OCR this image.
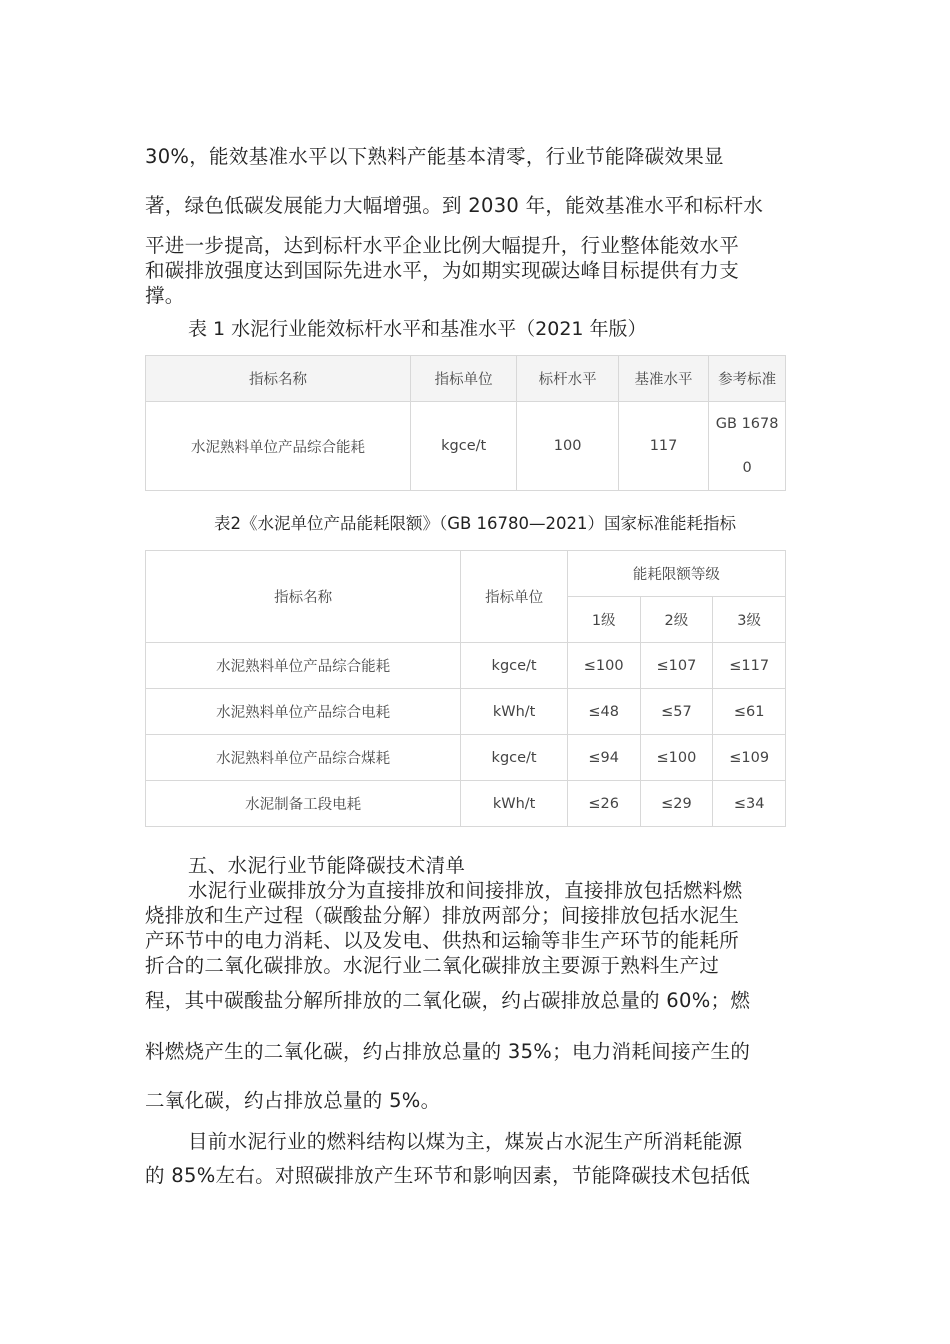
30%，能效基准水平以下熟料产能基本清零，行业节能降碳效果显

著，绿色低碳发展能力大幅增强。到 2030 年，能效基准水平和标杆水

平进一步提高，达到标杆水平企业比例大幅提升，行业整体能效水平

和碳排放强度达到国际先进水平，为如期实现碳达峰目标提供有力支

撑。

表 1 水泥行业能效标杆水平和基准水平（2021 年版）
指标名称	指标单位	标杆水平	基准水平	参考标准
水泥熟料单位产品综合能耗	kgce/t	100	117	GB 1678
0
表2《水泥单位产品能耗限额》（GB 16780—2021）国家标准能耗指标
指标名称	指标单位	能耗限额等级		
		1级	2级	3级
水泥熟料单位产品综合能耗	kgce/t	≤100	≤107	≤117
水泥熟料单位产品综合电耗	kWh/t	≤48	≤57	≤61
水泥熟料单位产品综合煤耗	kgce/t	≤94	≤100	≤109
水泥制备工段电耗	kWh/t	≤26	≤29	≤34

五、水泥行业节能降碳技术清单

水泥行业碳排放分为直接排放和间接排放，直接排放包括燃料燃

烧排放和生产过程（碳酸盐分解）排放两部分；间接排放包括水泥生

产环节中的电力消耗、以及发电、供热和运输等非生产环节的能耗所

折合的二氧化碳排放。水泥行业二氧化碳排放主要源于熟料生产过

程，其中碳酸盐分解所排放的二氧化碳，约占碳排放总量的 60%；燃

料燃烧产生的二氧化碳，约占排放总量的 35%；电力消耗间接产生的

二氧化碳，约占排放总量的 5%。

目前水泥行业的燃料结构以煤为主，煤炭占水泥生产所消耗能源

的 85%左右。对照碳排放产生环节和影响因素，节能降碳技术包括低
